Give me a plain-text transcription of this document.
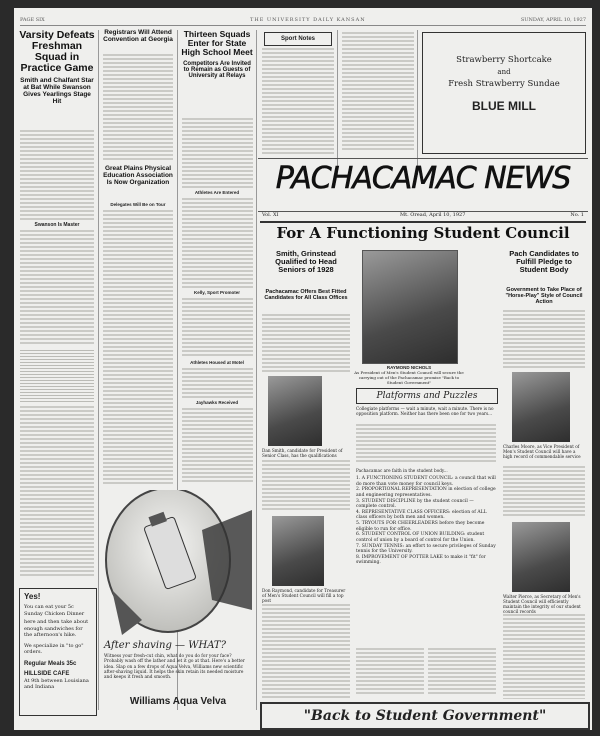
PAGE SIX	THE UNIVERSITY DAILY KANSAN	SUNDAY, APRIL 10, 1927
Varsity Defeats Freshman Squad in Practice Game
Smith and Chalfant Star at Bat While Swanson Gives Yearlings Stage Hit
Swanson Is Master
Yes!
You can eat your 5c Sunday Chicken Dinner
here and then take about enough sandwiches for the afternoon's hike.
We specialize in "to go" orders.
Regular Meals 35c
HILLSIDE CAFE
At 9th between Louisiana and Indiana
Registrars Will Attend Convention at Georgia
Great Plains Physical Education Association Is Now Organization
Delegates Will Be on Tour
Thirteen Squads Enter for State High School Meet
Competitors Are Invited to Remain as Guests of University at Relays
Athletes Are Entered
Kelly, Sport Promoter
Athletes Housed at Motel
Jayhawks Received
After shaving — WHAT?
Witness your fresh-cut chin, what do you do for your face? Probably wash off the lather and let it go at that. Here's a better idea. Slap on a few drops of Aqua Velva, Williams new scientific after-shaving liquid. It helps the skin retain its needed moisture and keeps it fresh and smooth.
Williams Aqua Velva
Sport Notes
Strawberry Shortcake
and
Fresh Strawberry Sundae
BLUE MILL
PACHACAMAC NEWS
Vol. XI	Mt. Oread, April 10, 1927	No. 1
For A Functioning Student Council
Smith, Grinstead Qualified to Head Seniors of 1928
Pachacamac Offers Best Fitted Candidates for All Class Offices
Dan Smith, candidate for President of Senior Class, has the qualifications
Don Raymond, candidate for Treasurer of Men's Student Council will fill a top post
RAYMOND NICHOLS
As President of Men's Student Council will secure the carrying out of the Pachacamac promise "Back to Student Government"
Platforms and Puzzles
Collegiate platforms — wait a minute, wait a minute. There is no opposition platform. Neither has there been one for two years...
Pachacamac are faith in the student body...
1. A FUNCTIONING STUDENT COUNCIL: a council that will do more than vote money for council keys.
2. PROPORTIONAL REPRESENTATION in election of college and engineering representatives.
3. STUDENT DISCIPLINE by the student council — complete control.
4. REPRESENTATIVE CLASS OFFICERS: election of ALL class officers by both men and women.
5. TRYOUTS FOR CHEERLEADERS before they become eligible to run for office.
6. STUDENT CONTROL OF UNION BUILDING: student control of union by a board of control for the Union.
7. SUNDAY TENNIS: an effort to secure privileges of Sunday tennis for the University.
8. IMPROVEMENT OF POTTER LAKE to make it "fit" for swimming.
Pach Candidates to Fulfill Pledge to Student Body
Government to Take Place of "Horse-Play" Style of Council Action
Charles Moore, as Vice President of Men's Student Council will have a high record of commendable service
Walter Pierce, as Secretary of Men's Student Council will efficiently maintain the integrity of our student council records
"Back to Student Government"
